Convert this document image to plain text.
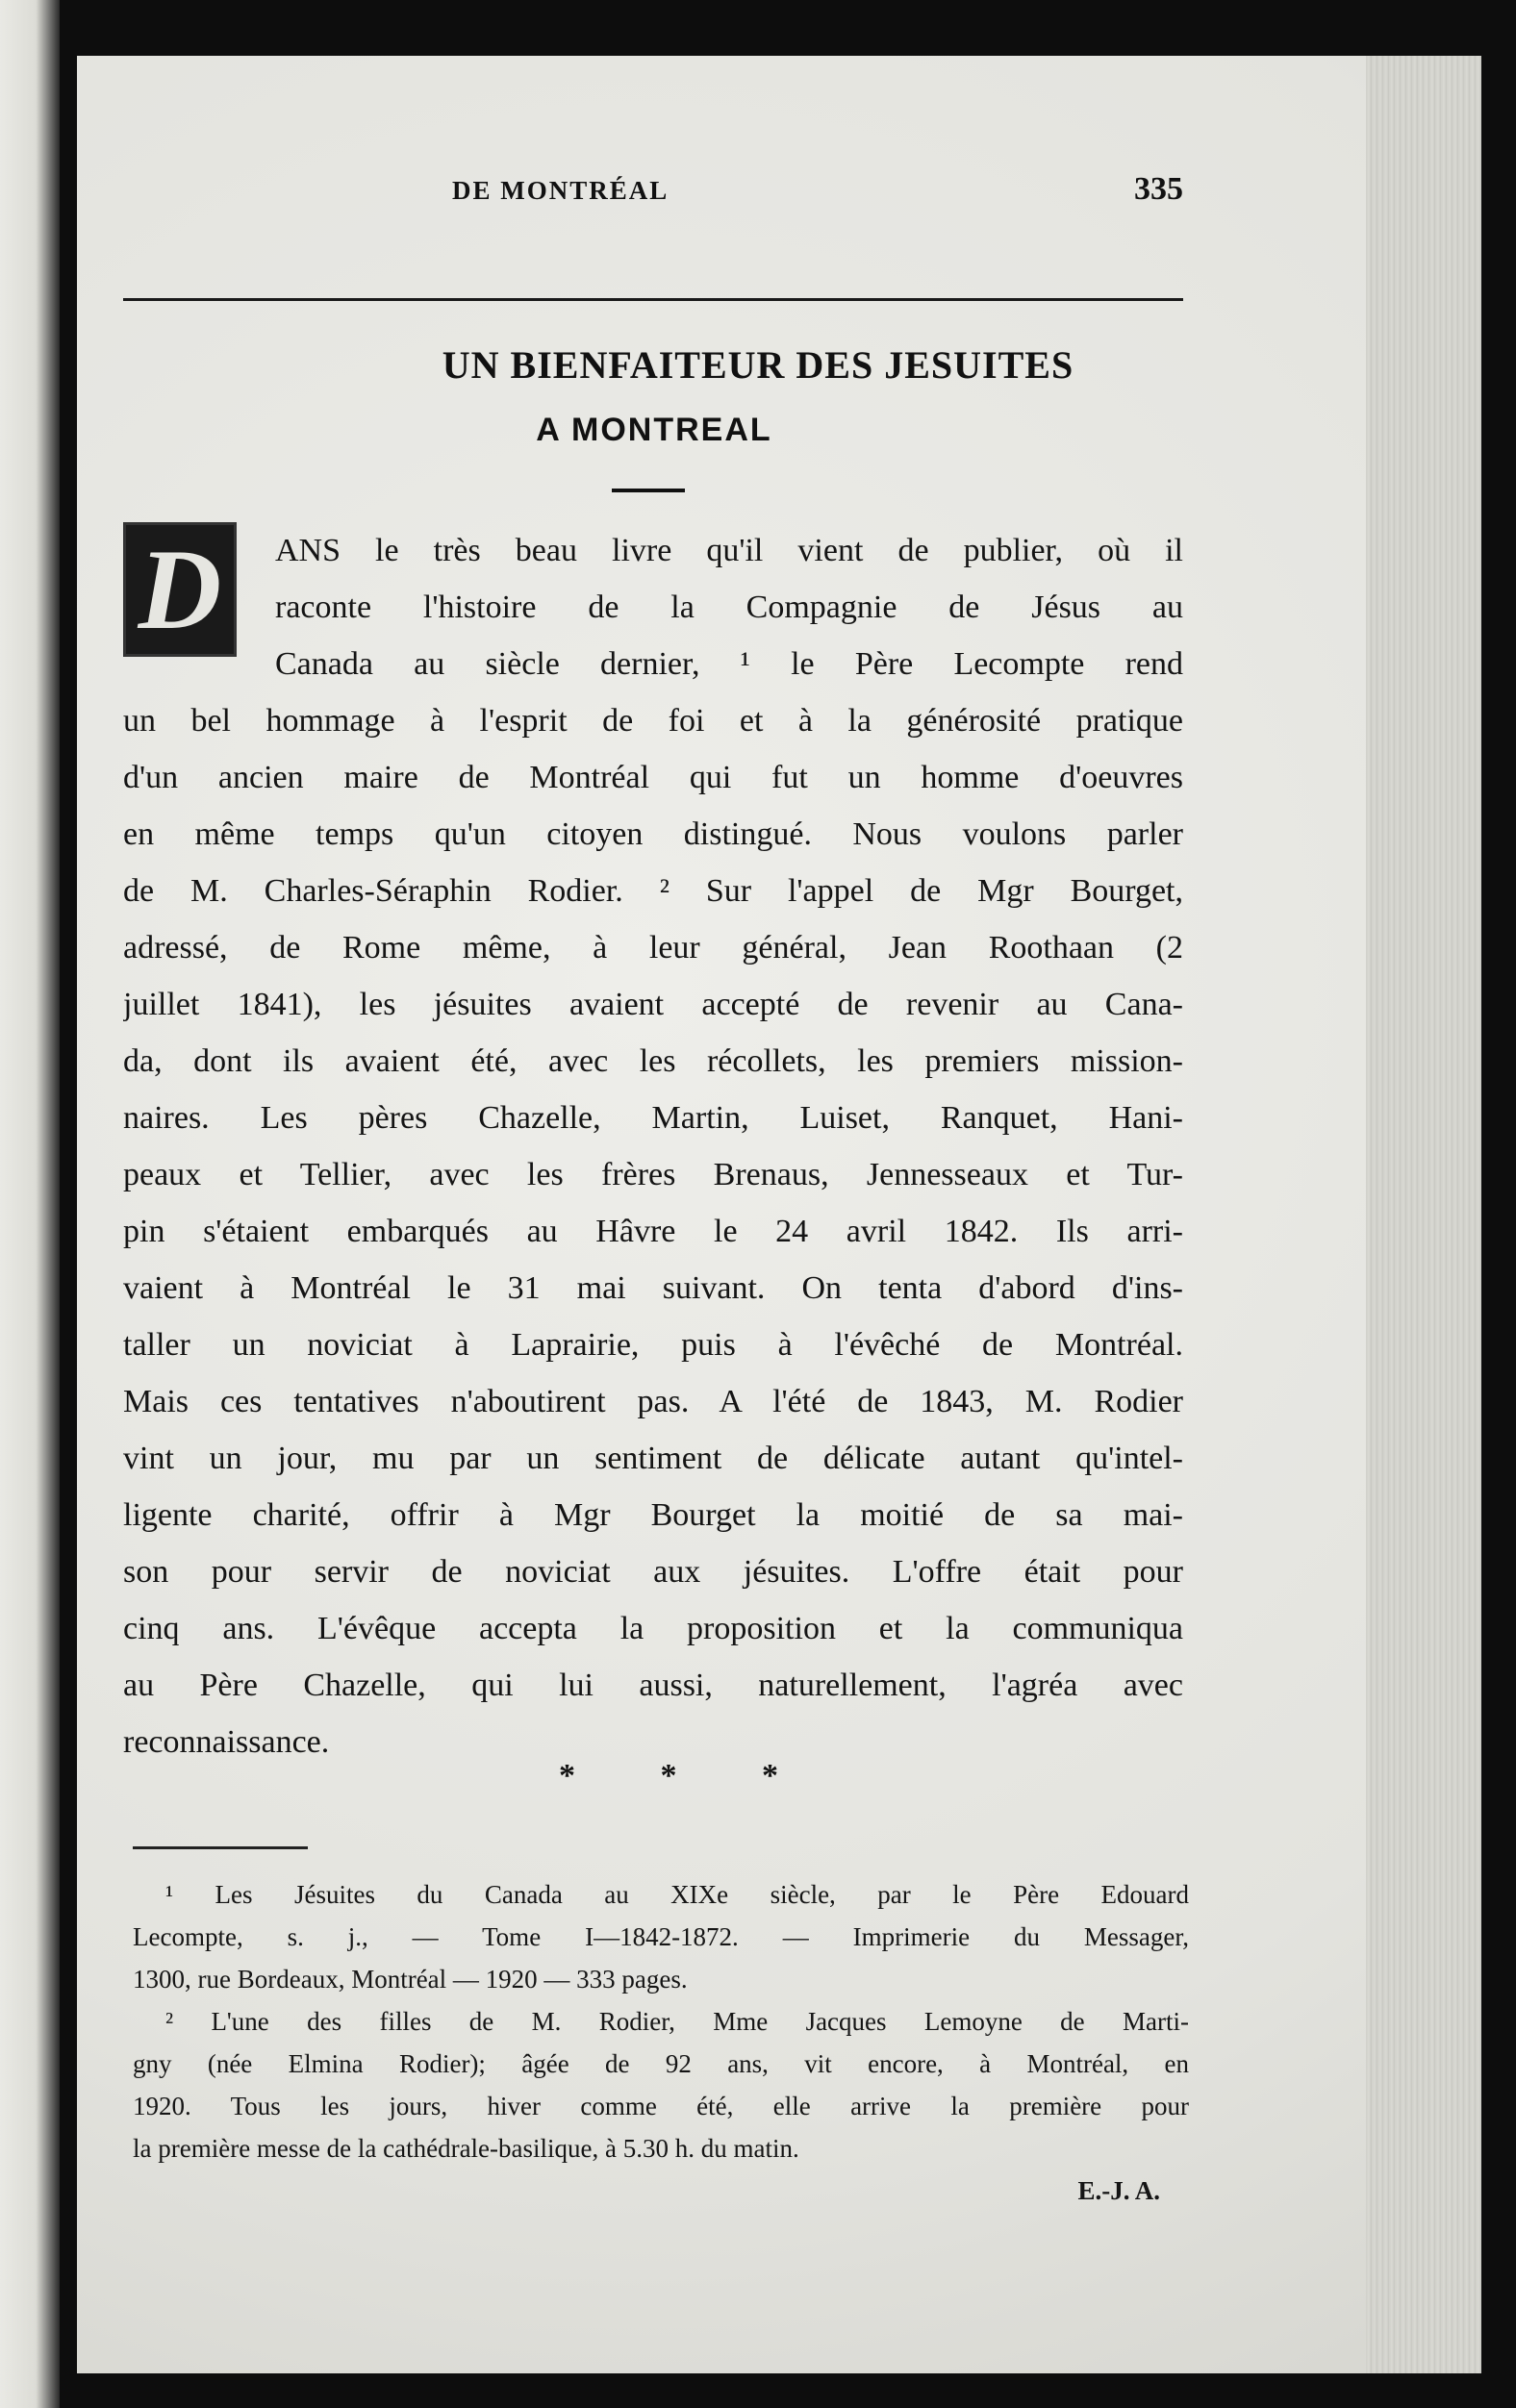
DE MONTRÉAL	335
UN BIENFAITEUR DES JESUITES
A MONTREAL
D	ANS le très beau livre qu'il vient de publier, où il
raconte l'histoire de la Compagnie de Jésus au
Canada au siècle dernier, ¹ le Père Lecompte rend
un bel hommage à l'esprit de foi et à la générosité pratique
d'un ancien maire de Montréal qui fut un homme d'oeuvres
en même temps qu'un citoyen distingué. Nous voulons parler
de M. Charles-Séraphin Rodier. ² Sur l'appel de Mgr Bourget,
adressé, de Rome même, à leur général, Jean Roothaan (2
juillet 1841), les jésuites avaient accepté de revenir au Cana-
da, dont ils avaient été, avec les récollets, les premiers mission-
naires. Les pères Chazelle, Martin, Luiset, Ranquet, Hani-
peaux et Tellier, avec les frères Brenaus, Jennesseaux et Tur-
pin s'étaient embarqués au Hâvre le 24 avril 1842. Ils arri-
vaient à Montréal le 31 mai suivant. On tenta d'abord d'ins-
taller un noviciat à Laprairie, puis à l'évêché de Montréal.
Mais ces tentatives n'aboutirent pas. A l'été de 1843, M. Rodier
vint un jour, mu par un sentiment de délicate autant qu'intel-
ligente charité, offrir à Mgr Bourget la moitié de sa mai-
son pour servir de noviciat aux jésuites. L'offre était pour
cinq ans. L'évêque accepta la proposition et la communiqua
au Père Chazelle, qui lui aussi, naturellement, l'agréa avec
reconnaissance.
* * *
¹ Les Jésuites du Canada au XIXe siècle, par le Père Edouard
Lecompte, s. j., — Tome I—1842-1872. — Imprimerie du Messager,
1300, rue Bordeaux, Montréal — 1920 — 333 pages.
² L'une des filles de M. Rodier, Mme Jacques Lemoyne de Marti-
gny (née Elmina Rodier); âgée de 92 ans, vit encore, à Montréal, en
1920. Tous les jours, hiver comme été, elle arrive la première pour
la première messe de la cathédrale-basilique, à 5.30 h. du matin.
E.-J. A.
